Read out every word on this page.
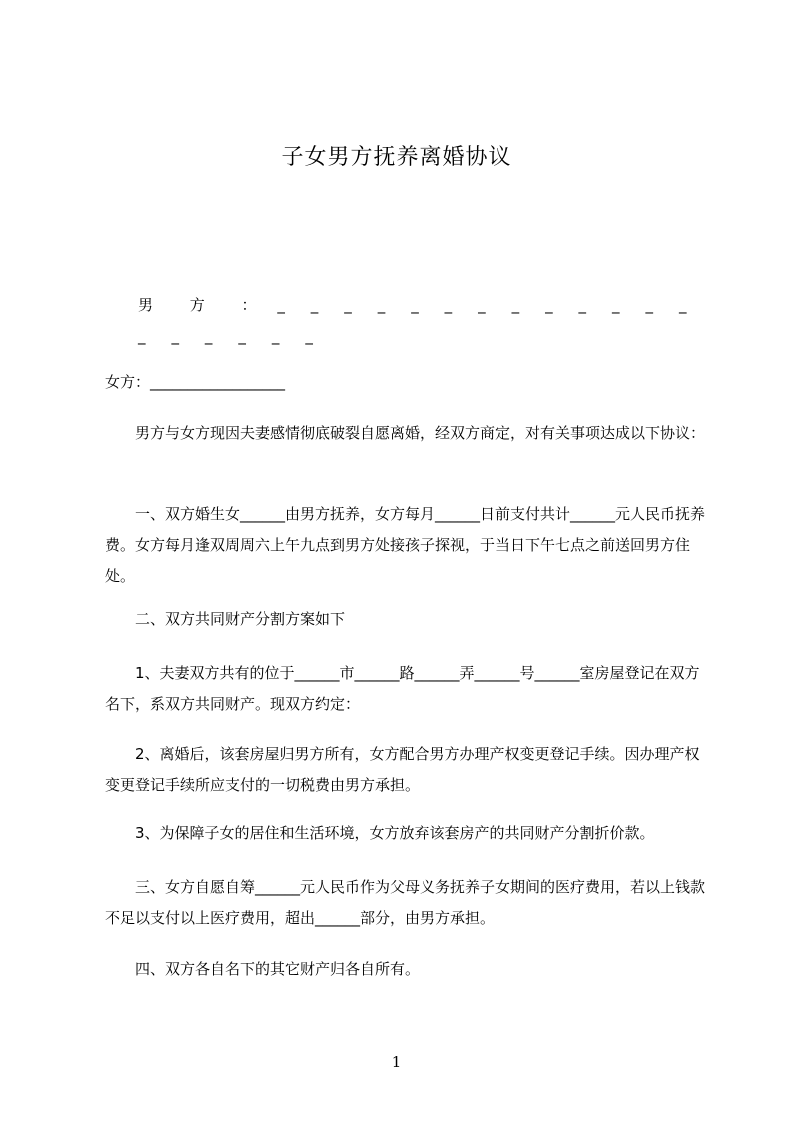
子女男方抚养离婚协议
男 方 ： _ _ _ _ _ _ _ _ _ _ _ _ _ _ _ _ _ _ _
女方：__________________
　　男方与女方现因夫妻感情彻底破裂自愿离婚，经双方商定，对有关事项达成以下协议：
　　一、双方婚生女______由男方抚养，女方每月______日前支付共计______元人民币抚养费。女方每月逢双周周六上午九点到男方处接孩子探视，于当日下午七点之前送回男方住处。
　　二、双方共同财产分割方案如下
　　1、夫妻双方共有的位于______市______路______弄______号______室房屋登记在双方名下，系双方共同财产。现双方约定：
　　2、离婚后，该套房屋归男方所有，女方配合男方办理产权变更登记手续。因办理产权变更登记手续所应支付的一切税费由男方承担。
　　3、为保障子女的居住和生活环境，女方放弃该套房产的共同财产分割折价款。
　　三、女方自愿自筹______元人民币作为父母义务抚养子女期间的医疗费用，若以上钱款不足以支付以上医疗费用，超出______部分，由男方承担。
　　四、双方各自名下的其它财产归各自所有。
1
